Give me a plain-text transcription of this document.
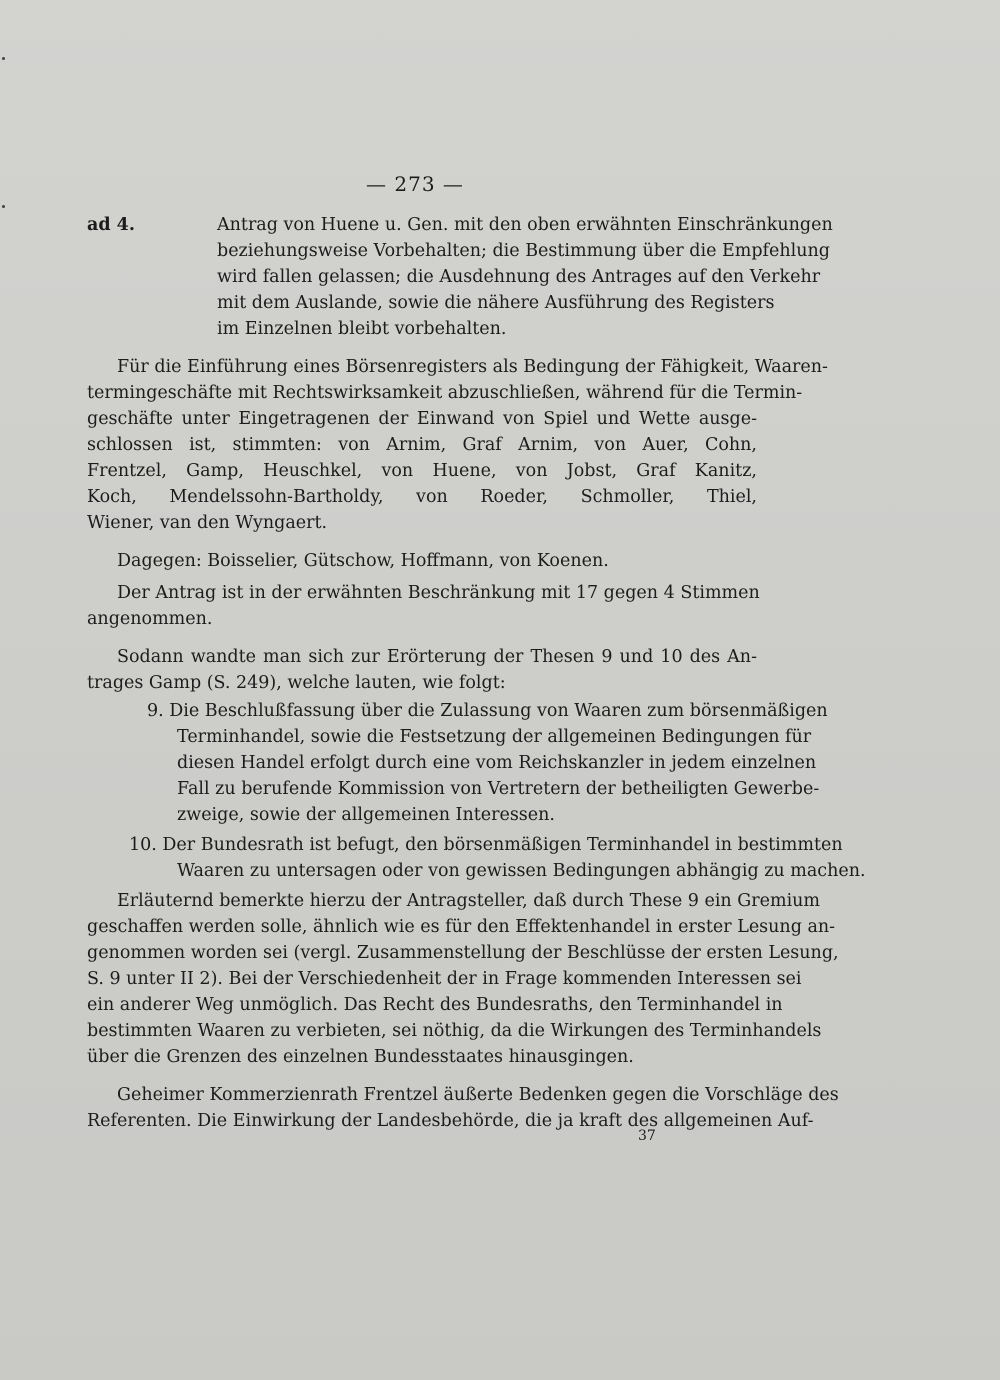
— 273 —
ad 4.	Antrag von Huene u. Gen. mit den oben erwähnten Einschränkungen
beziehungsweise Vorbehalten; die Bestimmung über die Empfehlung
wird fallen gelassen; die Ausdehnung des Antrages auf den Verkehr
mit dem Auslande, sowie die nähere Ausführung des Registers
im Einzelnen bleibt vorbehalten.
Für die Einführung eines Börsenregisters als Bedingung der Fähigkeit, Waaren-
termingeschäfte mit Rechtswirksamkeit abzuschließen, während für die Termin-
geschäfte unter Eingetragenen der Einwand von Spiel und Wette ausge-
schlossen ist, stimmten: von Arnim, Graf Arnim, von Auer, Cohn,
Frentzel, Gamp, Heuschkel, von Huene, von Jobst, Graf Kanitz,
Koch, Mendelssohn-Bartholdy, von Roeder, Schmoller, Thiel,
Wiener, van den Wyngaert.
Dagegen: Boisselier, Gütschow, Hoffmann, von Koenen.
Der Antrag ist in der erwähnten Beschränkung mit 17 gegen 4 Stimmen
angenommen.
Sodann wandte man sich zur Erörterung der Thesen 9 und 10 des An-
trages Gamp (S. 249), welche lauten, wie folgt:
9. Die Beschlußfassung über die Zulassung von Waaren zum börsenmäßigen
Terminhandel, sowie die Festsetzung der allgemeinen Bedingungen für
diesen Handel erfolgt durch eine vom Reichskanzler in jedem einzelnen
Fall zu berufende Kommission von Vertretern der betheiligten Gewerbe-
zweige, sowie der allgemeinen Interessen.
10. Der Bundesrath ist befugt, den börsenmäßigen Terminhandel in bestimmten
Waaren zu untersagen oder von gewissen Bedingungen abhängig zu machen.
Erläuternd bemerkte hierzu der Antragsteller, daß durch These 9 ein Gremium
geschaffen werden solle, ähnlich wie es für den Effektenhandel in erster Lesung an-
genommen worden sei (vergl. Zusammenstellung der Beschlüsse der ersten Lesung,
S. 9 unter II 2). Bei der Verschiedenheit der in Frage kommenden Interessen sei
ein anderer Weg unmöglich. Das Recht des Bundesraths, den Terminhandel in
bestimmten Waaren zu verbieten, sei nöthig, da die Wirkungen des Terminhandels
über die Grenzen des einzelnen Bundesstaates hinausgingen.
Geheimer Kommerzienrath Frentzel äußerte Bedenken gegen die Vorschläge des
Referenten. Die Einwirkung der Landesbehörde, die ja kraft des allgemeinen Auf-
37
